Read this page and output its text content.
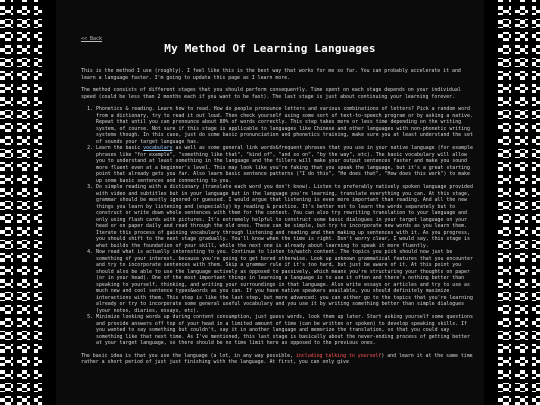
<< Back
My Method Of Learning Languages

This is the method I use (roughly). I feel like this is the best way that works for me so far. You can probably accelerate it and learn a language faster. I'm going to update this page as I learn more.

The method consists of different stages that you should perform consequently. Time spent on each stage depends on your individual speed (could be less than 2 months each if you want to be fast). The last stage is just about continuing your learning forever.

1. Phonetics & reading. Learn how to read. How do people pronounce letters and various combinations of letters? Pick a random word from a dictionary, try to read it out loud. Then check yourself using some sort of text-to-speech program or by asking a native. Repeat that until you can pronounce about 80% of words correctly. This step takes more or less time depending on the writing system, of course. Not sure if this stage is applicable to languages like Chinese and other languages with non-phonetic writing systems though. In this case, just do some basic pronunciation and phonetics training, make sure you at least understand the set of sounds your target language has.
2. Learn the basic vocabulary as well as some general link words&frequent phrases that you use in your native language (for example phrases like "for example", "something like that", "kind of", "and so on", "by the way", etc). The basic vocabulary will allow you to understand at least something in the language and the fillers will make your output sentences faster and make you sound more fluent even at a beginner's level. This may look like you're faking that you speak the language, but it's a great starting point that already gets you far. Also learn basic sentence patterns ("I do this", "He does that", "How does this work") to make up some basic sentences and connecting to you.
3. Do simple reading with a dictionary (translate each word you don't know). Listen to preferably natively spoken language provided with video and subtitles but in your language but in the language you're learning, translate everything you can. At this stage, grammar should be mostly ignored or guessed. I would argue that listening is even more important than reading. And all the new things you learn by listening and (especially) by reading & practice. It's better not to learn the words separately but to construct or write down whole sentences with them for the context. You can also try rewriting translation to your language and only using flash cards with pictures. It's extremely helpful to construct some basic dialogues in your target language on your head or on paper daily and read through the old ones. These can be simple, but try to incorporate new words as you learn them. Iterate this process of gaining vocabulary through listening and reading and then making up sentences with it. As you progress, you should shift to the next stage gradually. You'll know when the time is right. Don't worry clear, I would say, this stage is what builds the foundation of your skill, while the next one is already about learning to speak it more fluently.
4. Now read what is actually interesting to you. Continue to listen to/watch content. The topics you pick should now just be something of your interest, because you're going to get bored otherwise. Look up unknown grammatical features that you encounter and try to incorporate sentences with them. Skip a grammar rule if it's too hard, but just be aware of it. At this point you should also be able to use the language actively as opposed to passively, which means you're structuring your thoughts on paper (or in your head). One of the most important things in learning a language is to use it often and there's nothing better than speaking to yourself, thinking, and writing your surroundings in that language. Also write essays or articles and try to use as much new and cool sentence types&words as you can. If you have native speakers available, you should definitely maximize interactions with them. This step is like the last step, but more advanced: you can either go to the topics that you're learning already or try to incorporate some general useful vocabulary and you use it by writing something better than simple dialogues (your notes, diaries, essays, etc).
5. Minimize looking words up during content consumption, just guess words, look them up later. Start asking yourself some questions and provide answers off top of your head in a limited amount of time (can be written or spoken) to develop speaking skills. If you wanted to say something but couldn't, say it in another language and memorize the translation, so that you could say something like that next time. As I've mentioned, this last stage is basically about the never-ending process of getting better at your target language, so there should be no time limit here as opposed to the previous ones.

The basic idea is that you use the language (a lot, in any way possible, including talking to yourself) and learn it at the same time rather a short period of just just finishing with the language. At first, you can only give
